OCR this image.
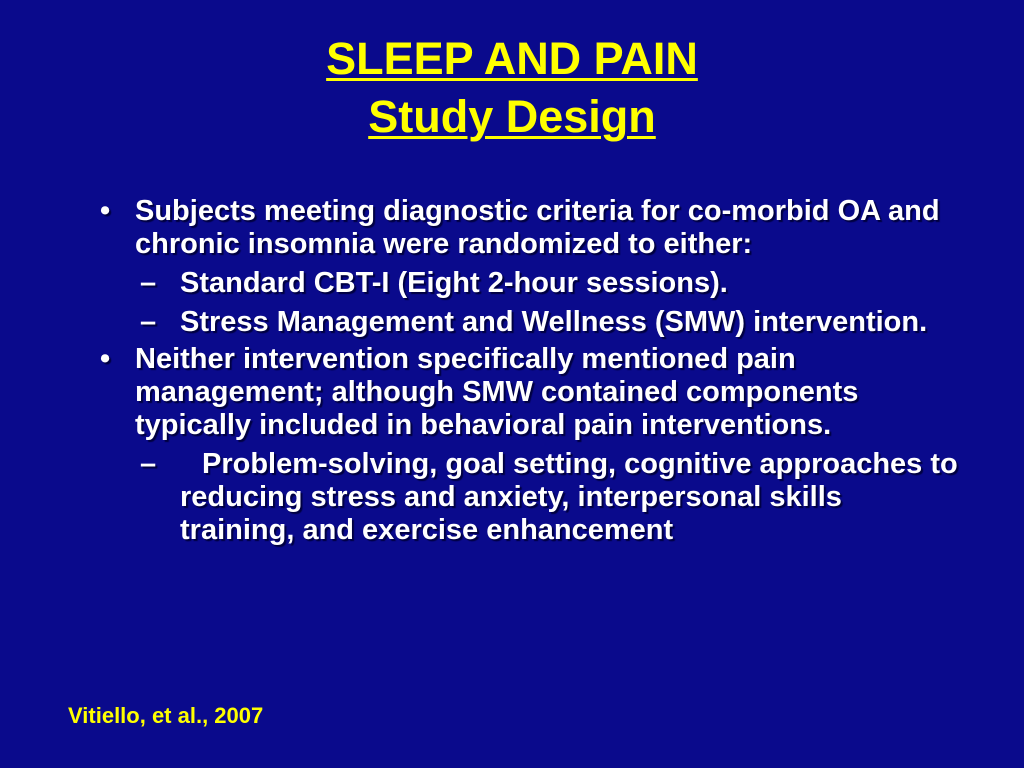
SLEEP AND PAIN
Study Design
• Subjects meeting diagnostic criteria for co-morbid OA and chronic insomnia were randomized to either:
– Standard CBT-I (Eight 2-hour sessions).
– Stress Management and Wellness (SMW) intervention.
• Neither intervention specifically mentioned pain management; although SMW contained components typically included in behavioral pain interventions.
–	Problem-solving, goal setting, cognitive approaches to reducing stress and anxiety, interpersonal skills training, and exercise enhancement
Vitiello, et al., 2007
